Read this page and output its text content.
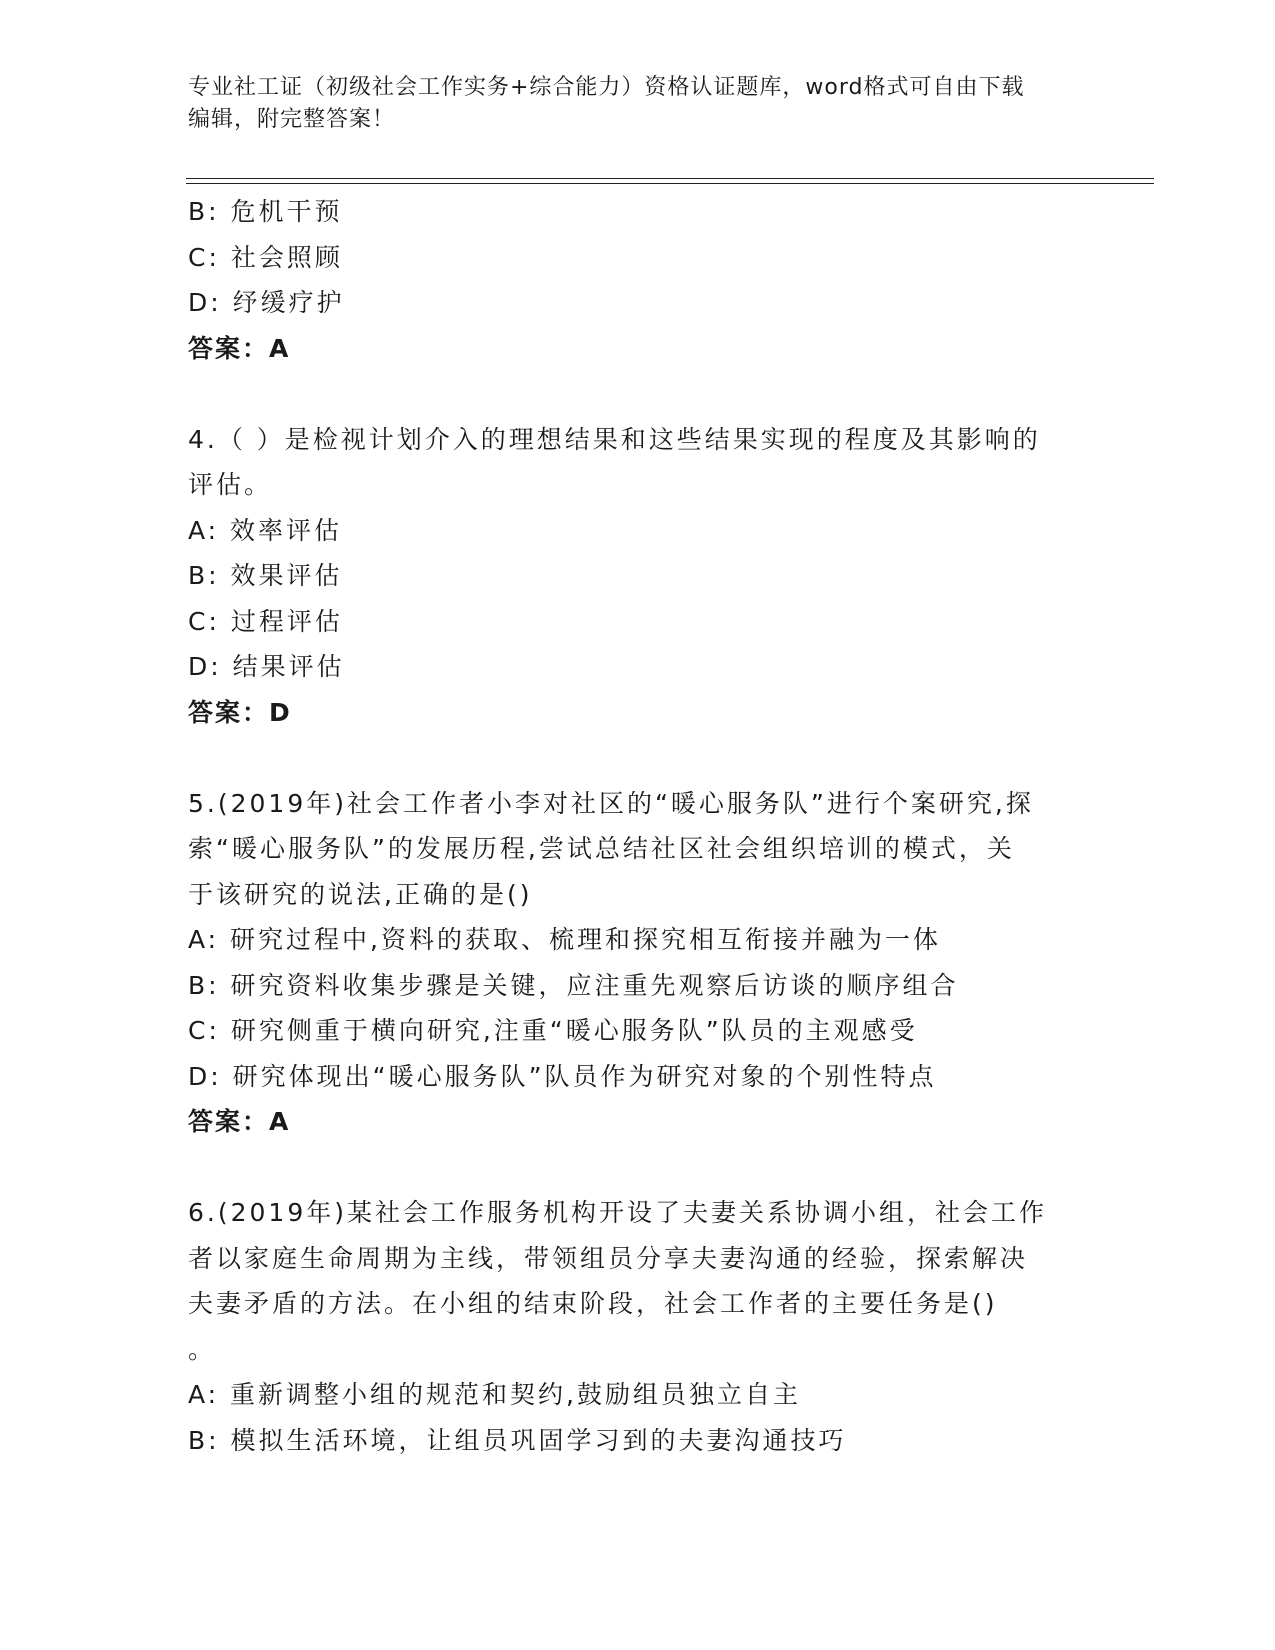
专业社工证（初级社会工作实务+综合能力）资格认证题库，word格式可自由下载
编辑，附完整答案！
B: 危机干预
C: 社会照顾
D: 纾缓疗护
答案：A
4.（ ）是检视计划介入的理想结果和这些结果实现的程度及其影响的
评估。
A: 效率评估
B: 效果评估
C: 过程评估
D: 结果评估
答案：D
5.(2019年)社会工作者小李对社区的“暖心服务队”进行个案研究,探
索“暖心服务队”的发展历程,尝试总结社区社会组织培训的模式，关
于该研究的说法,正确的是()
A: 研究过程中,资料的获取、梳理和探究相互衔接并融为一体
B: 研究资料收集步骤是关键，应注重先观察后访谈的顺序组合
C: 研究侧重于横向研究,注重“暖心服务队”队员的主观感受
D: 研究体现出“暖心服务队”队员作为研究对象的个别性特点
答案：A
6.(2019年)某社会工作服务机构开设了夫妻关系协调小组，社会工作
者以家庭生命周期为主线，带领组员分享夫妻沟通的经验，探索解决
夫妻矛盾的方法。在小组的结束阶段，社会工作者的主要任务是()
。
A: 重新调整小组的规范和契约,鼓励组员独立自主
B: 模拟生活环境，让组员巩固学习到的夫妻沟通技巧
